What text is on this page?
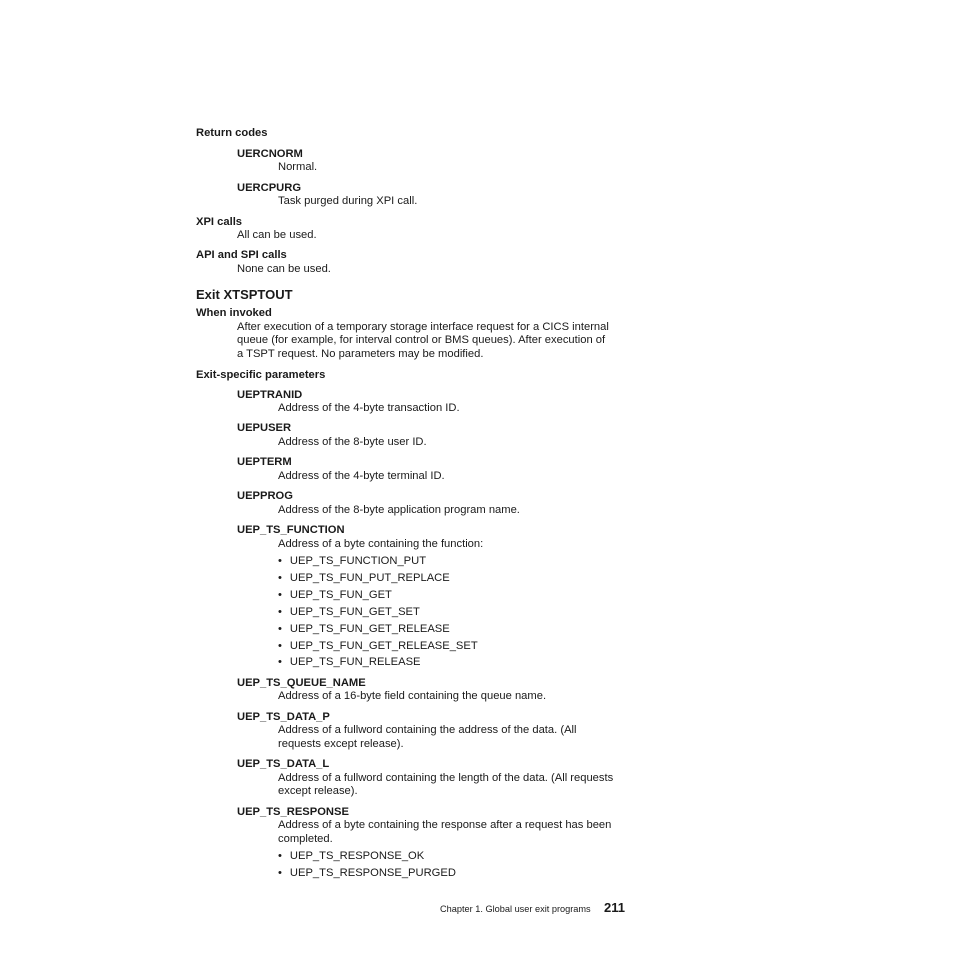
Return codes
UERCNORM
Normal.
UERCPURG
Task purged during XPI call.
XPI calls
All can be used.
API and SPI calls
None can be used.
Exit XTSPTOUT
When invoked
After execution of a temporary storage interface request for a CICS internal
queue (for example, for interval control or BMS queues). After execution of
a TSPT request. No parameters may be modified.
Exit-specific parameters
UEPTRANID
Address of the 4-byte transaction ID.
UEPUSER
Address of the 8-byte user ID.
UEPTERM
Address of the 4-byte terminal ID.
UEPPROG
Address of the 8-byte application program name.
UEP_TS_FUNCTION
Address of a byte containing the function:
• UEP_TS_FUNCTION_PUT
• UEP_TS_FUN_PUT_REPLACE
• UEP_TS_FUN_GET
• UEP_TS_FUN_GET_SET
• UEP_TS_FUN_GET_RELEASE
• UEP_TS_FUN_GET_RELEASE_SET
• UEP_TS_FUN_RELEASE
UEP_TS_QUEUE_NAME
Address of a 16-byte field containing the queue name.
UEP_TS_DATA_P
Address of a fullword containing the address of the data. (All
requests except release).
UEP_TS_DATA_L
Address of a fullword containing the length of the data. (All requests
except release).
UEP_TS_RESPONSE
Address of a byte containing the response after a request has been
completed.
• UEP_TS_RESPONSE_OK
• UEP_TS_RESPONSE_PURGED
Chapter 1. Global user exit programs 211
